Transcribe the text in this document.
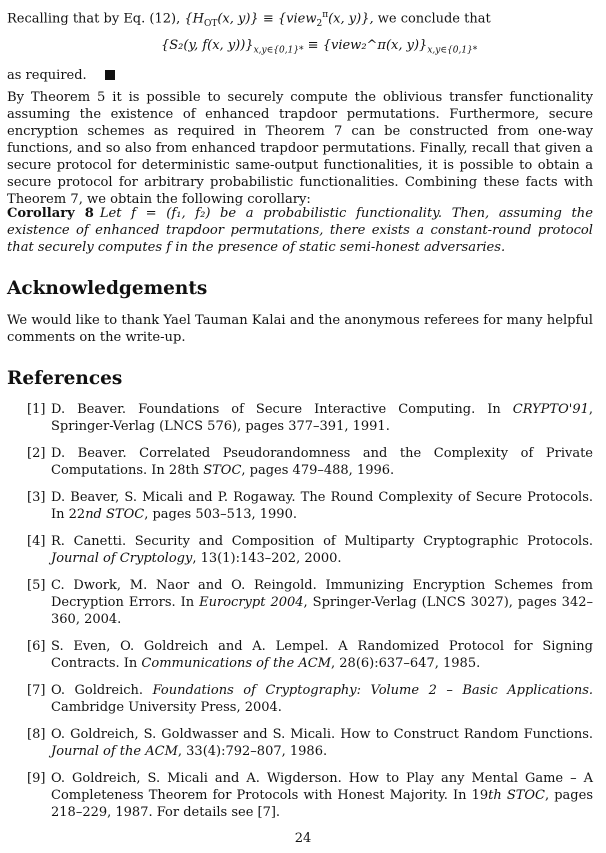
Recalling that by Eq. (12), {$H_{OT}(x$, y)} ≡ {view$_2^\pi$(x, y)}, we conclude that

{S₂(y, f(x, $y))\}_{x,y\in\{0,1\}*}$ ≡ {view₂^π(x, $y)\}_{x,y\in\{0,1\}*}$

as required.

By Theorem 5 it is possible to securely compute the oblivious transfer functionality assuming the existence of enhanced trapdoor permutations. Furthermore, secure encryption schemes as required in Theorem 7 can be constructed from one-way functions, and so also from enhanced trapdoor permutations. Finally, recall that given a secure protocol for deterministic same-output functionalities, it is possible to obtain a secure protocol for arbitrary probabilistic functionalities. Combining these facts with Theorem 7, we obtain the following corollary:

Corollary 8 Let f = (f₁, f₂) be a probabilistic functionality. Then, assuming the existence of enhanced trapdoor permutations, there exists a constant-round protocol that securely computes f in the presence of static semi-honest adversaries.

Acknowledgements

We would like to thank Yael Tauman Kalai and the anonymous referees for many helpful comments on the write-up.

References
[1] D. Beaver. Foundations of Secure Interactive Computing. In CRYPTO'91, Springer-Verlag (LNCS 576), pages 377–391, 1991.
[2] D. Beaver. Correlated Pseudorandomness and the Complexity of Private Computations. In 28th STOC, pages 479–488, 1996.
[3] D. Beaver, S. Micali and P. Rogaway. The Round Complexity of Secure Protocols. In 22nd STOC, pages 503–513, 1990.
[4] R. Canetti. Security and Composition of Multiparty Cryptographic Protocols. Journal of Cryptology, 13(1):143–202, 2000.
[5] C. Dwork, M. Naor and O. Reingold. Immunizing Encryption Schemes from Decryption Errors. In Eurocrypt 2004, Springer-Verlag (LNCS 3027), pages 342–360, 2004.
[6] S. Even, O. Goldreich and A. Lempel. A Randomized Protocol for Signing Contracts. In Communications of the ACM, 28(6):637–647, 1985.
[7] O. Goldreich. Foundations of Cryptography: Volume 2 – Basic Applications. Cambridge University Press, 2004.
[8] O. Goldreich, S. Goldwasser and S. Micali. How to Construct Random Functions. Journal of the ACM, 33(4):792–807, 1986.
[9] O. Goldreich, S. Micali and A. Wigderson. How to Play any Mental Game – A Completeness Theorem for Protocols with Honest Majority. In 19th STOC, pages 218–229, 1987. For details see [7].
24
